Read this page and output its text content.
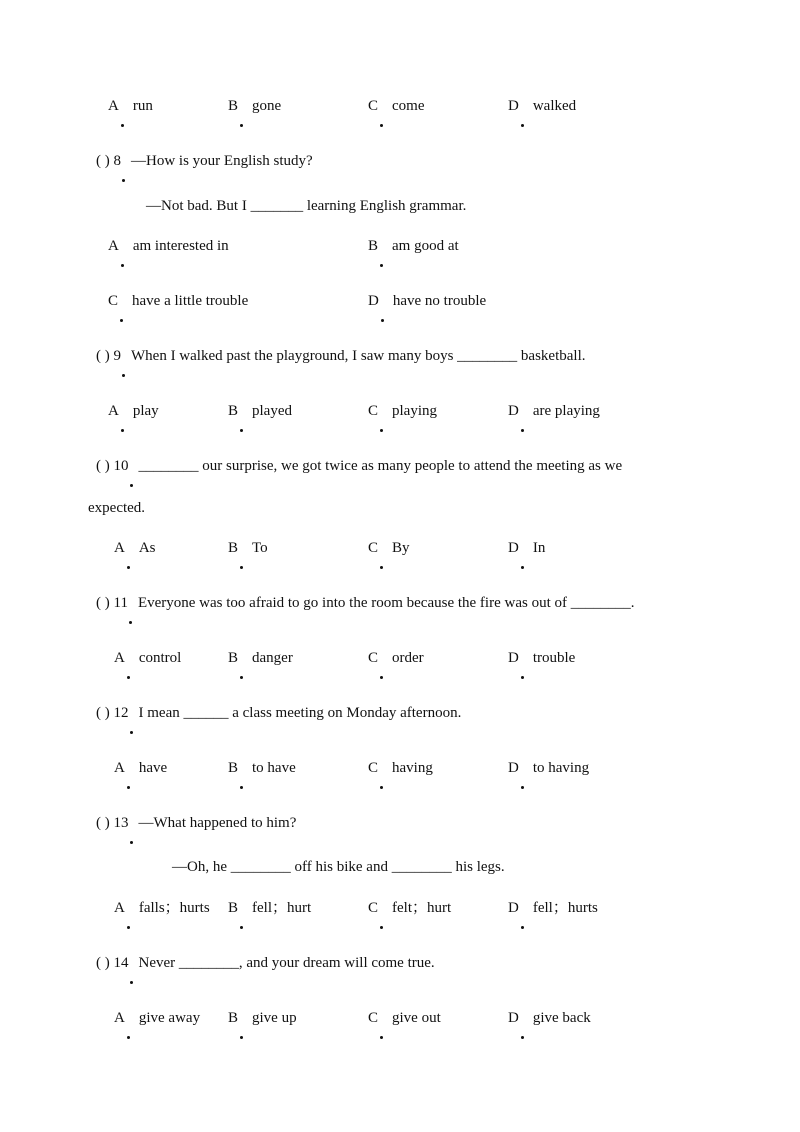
A run	B gone	C come	D walked
( ) 8 —How is your English study?
—Not bad. But I _______ learning English grammar.
A am interested in	B am good at
C have a little trouble	D have no trouble
( ) 9 When I walked past the playground, I saw many boys ________ basketball.
A play	B played	C playing	D are playing
( ) 10 ________ our surprise, we got twice as many people to attend the meeting as we
expected.
A As	B To	C By	D In
( ) 11 Everyone was too afraid to go into the room because the fire was out of ________.
A control	B danger	C order	D trouble
( ) 12 I mean ______ a class meeting on Monday afternoon.
A have	B to have	C having	D to having
( ) 13 —What happened to him?
—Oh, he ________ off his bike and ________ his legs.
A falls；hurts B fell；hurt	C felt；hurt	D fell；hurts
( ) 14 Never ________, and your dream will come true.
A give away B give up	C give out	D give back
